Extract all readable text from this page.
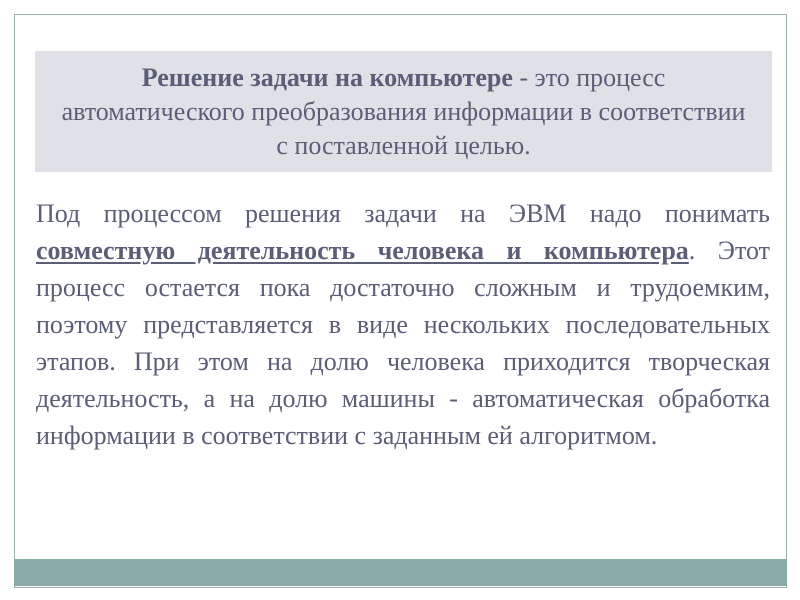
Решение задачи на компьютере - это процесс автоматического преобразования информации в соответствии с поставленной целью.

Под процессом решения задачи на ЭВМ надо понимать совместную деятельность человека и компьютера. Этот процесс остается пока достаточно сложным и трудоемким, поэтому представляется в виде нескольких последовательных этапов. При этом на долю человека приходится творческая деятельность, а на долю машины - автоматическая обработка информации в соответствии с заданным ей алгоритмом.
